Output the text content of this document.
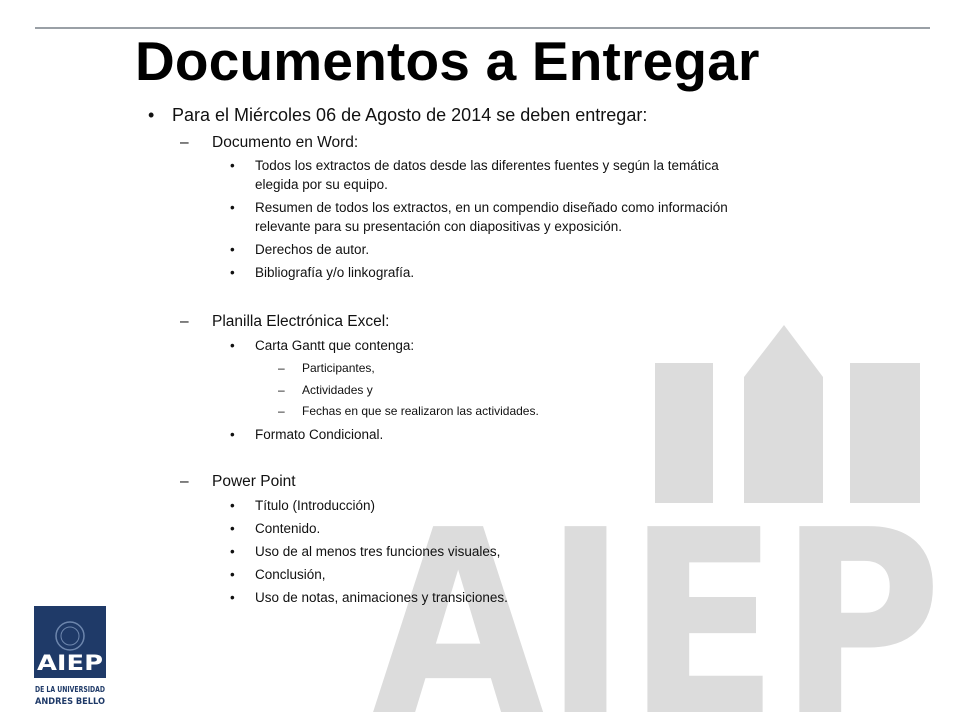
AIEP
Documentos a Entregar
• Para el Miércoles 06 de Agosto de 2014 se deben entregar:
– Documento en Word:
• Todos los extractos de datos desde las diferentes fuentes y según la temática
elegida por su equipo.
• Resumen de todos los extractos, en un compendio diseñado como información
relevante para su presentación con diapositivas y exposición.
• Derechos de autor.
• Bibliografía y/o linkografía.
– Planilla Electrónica Excel:
• Carta Gantt que contenga:
– Participantes,
– Actividades y
– Fechas en que se realizaron las actividades.
• Formato Condicional.
– Power Point
• Título (Introducción)
• Contenido.
• Uso de al menos tres funciones visuales,
• Conclusión,
• Uso de notas, animaciones y transiciones.
AIEP
DE LA UNIVERSIDAD
ANDRES BELLO
